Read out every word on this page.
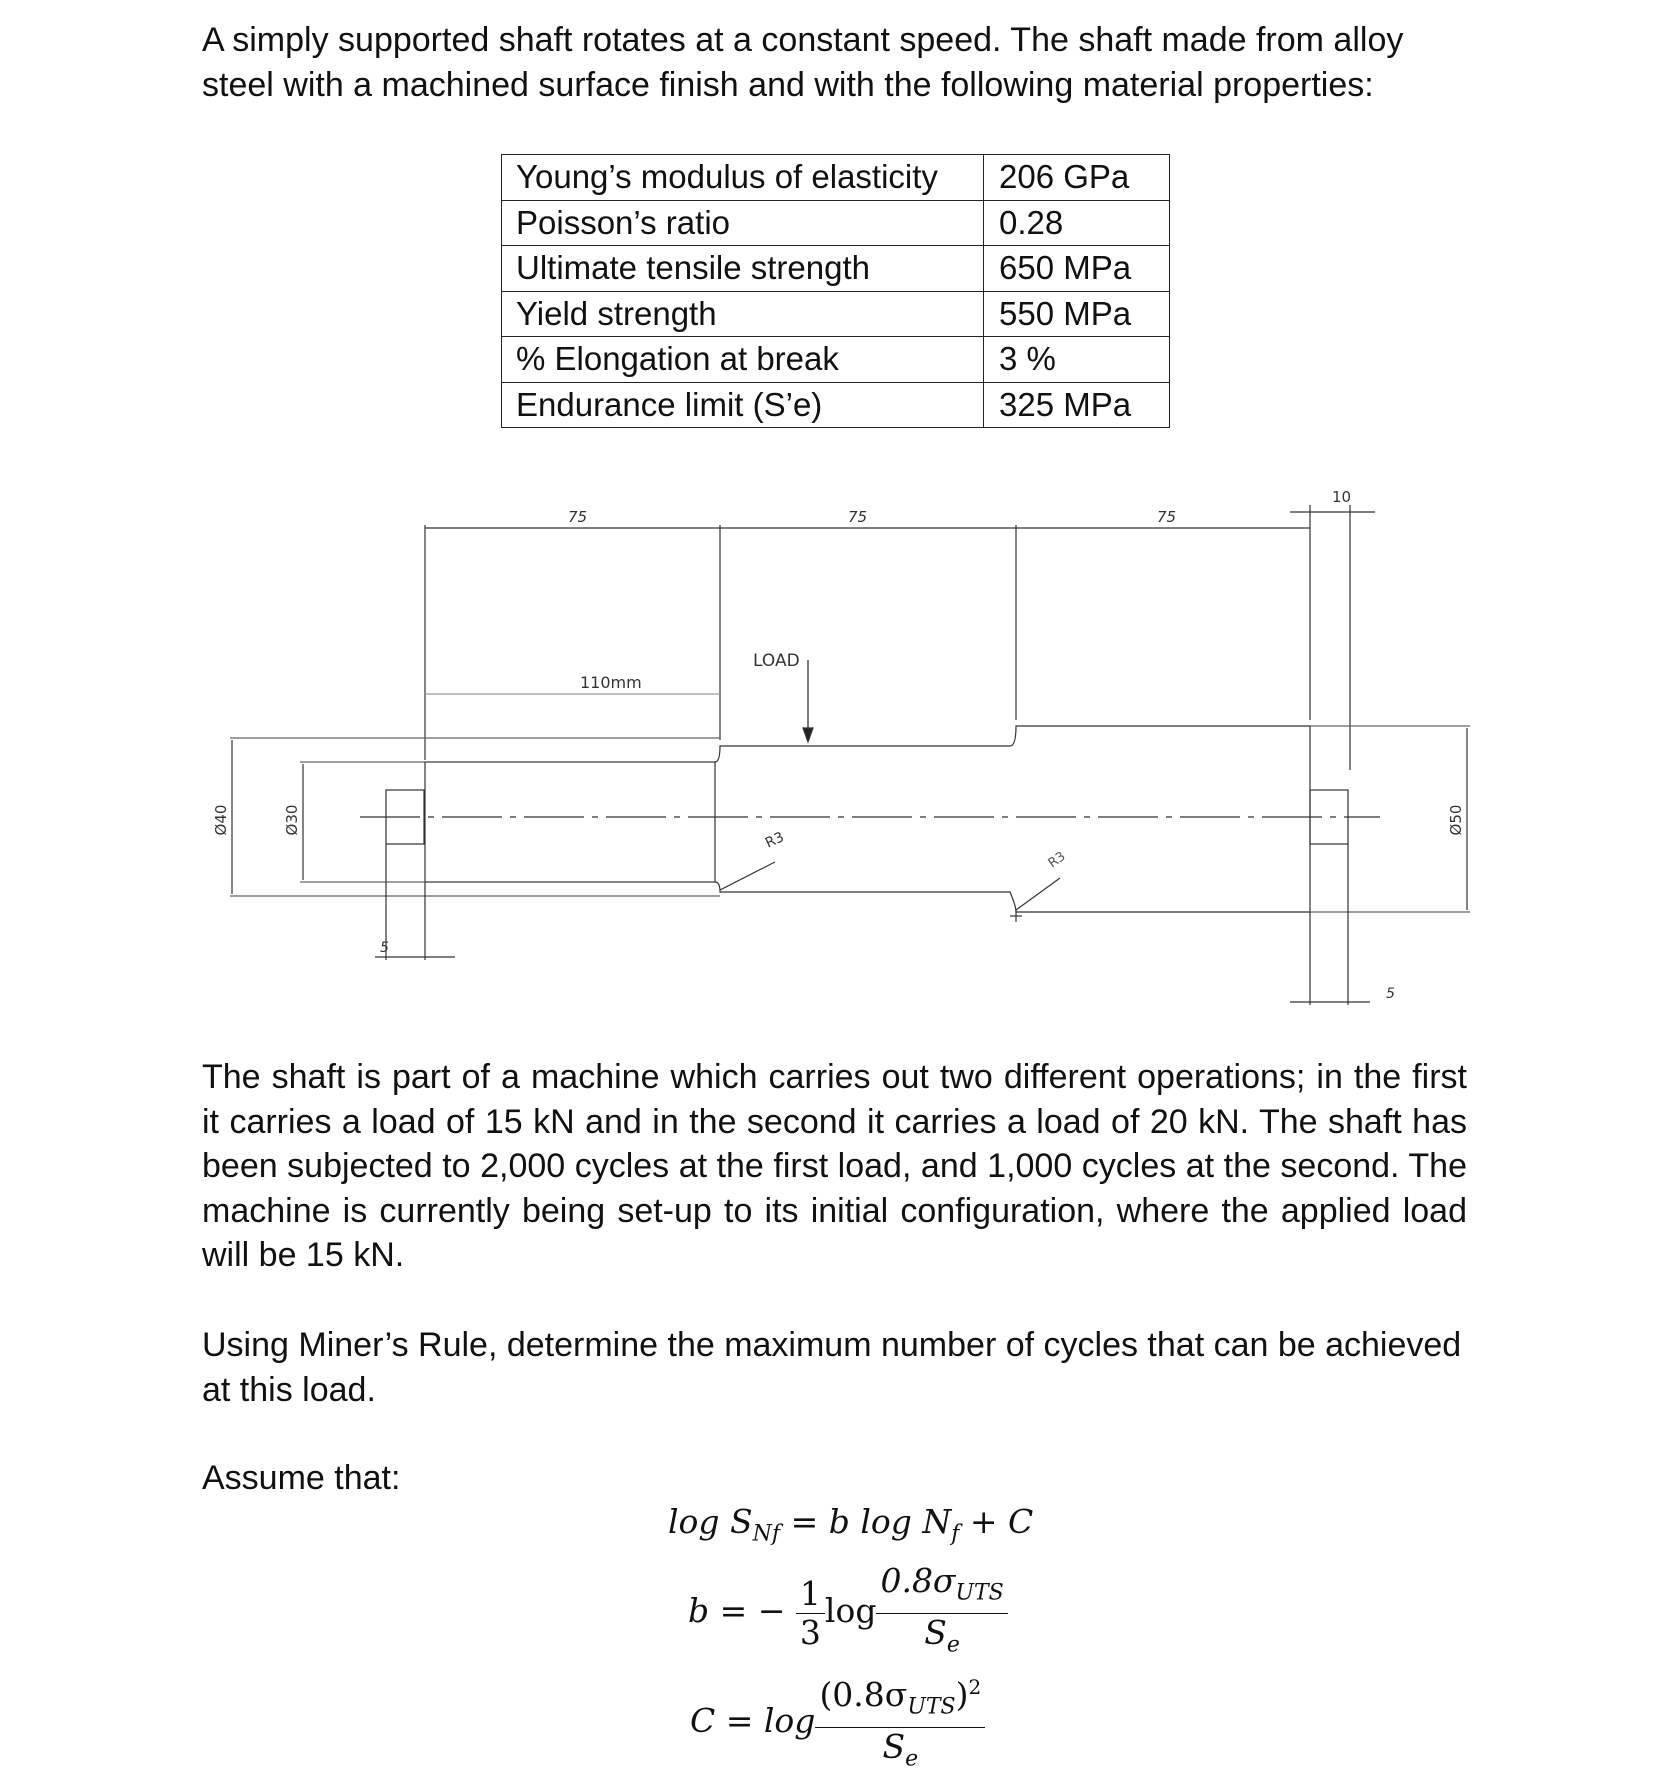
A simply supported shaft rotates at a constant speed. The shaft made from alloy steel with a machined surface finish and with the following material properties:
Young’s modulus of elasticity	206 GPa
Poisson’s ratio	0.28
Ultimate tensile strength	650 MPa
Yield strength	550 MPa
% Elongation at break	3 %
Endurance limit (S’e)	325 MPa
75	75	75
10
110mm
LOAD
R3
R3
Ø40	Ø30	Ø50
5
5
The shaft is part of a machine which carries out two different operations; in the first it carries a load of 15 kN and in the second it carries a load of 20 kN. The shaft has been subjected to 2,000 cycles at the first load, and 1,000 cycles at the second. The machine is currently being set-up to its initial configuration, where the applied load will be 15 kN.
Using Miner’s Rule, determine the maximum number of cycles that can be achieved at this load.
Assume that:
$\log S_{Nf} = b$ $\log N_f + C$
b = − $\frac{1}{3}$ $\log \frac{0.8\sigma_{UTS}}{S_e}$
$C = \log \frac{(0.8\sigma_{UTS})^2}{S_e}$
